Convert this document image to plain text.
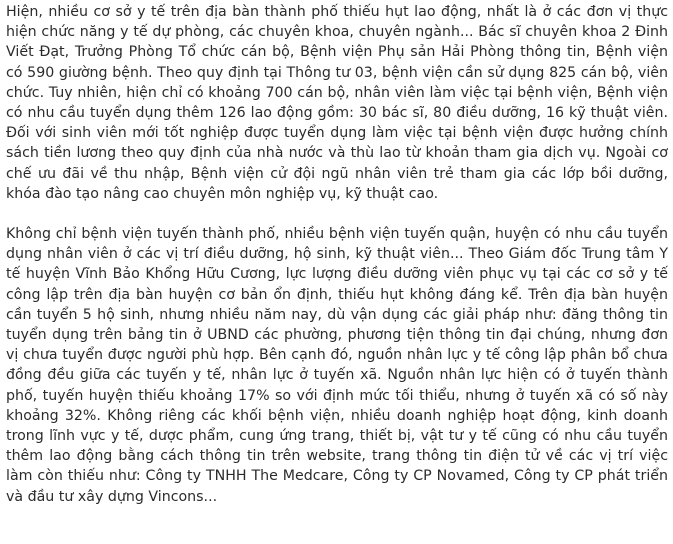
Hiện, nhiều cơ sở y tế trên địa bàn thành phố thiếu hụt lao động, nhất là ở các đơn vị thực hiện chức năng y tế dự phòng, các chuyên khoa, chuyên ngành... Bác sĩ chuyên khoa 2 Đinh Viết Đạt, Trưởng Phòng Tổ chức cán bộ, Bệnh viện Phụ sản Hải Phòng thông tin, Bệnh viện có 590 giường bệnh. Theo quy định tại Thông tư 03, bệnh viện cần sử dụng 825 cán bộ, viên chức. Tuy nhiên, hiện chỉ có khoảng 700 cán bộ, nhân viên làm việc tại bệnh viện, Bệnh viện có nhu cầu tuyển dụng thêm 126 lao động gồm: 30 bác sĩ, 80 điều dưỡng, 16 kỹ thuật viên. Đối với sinh viên mới tốt nghiệp được tuyển dụng làm việc tại bệnh viện được hưởng chính sách tiền lương theo quy định của nhà nước và thù lao từ khoản tham gia dịch vụ. Ngoài cơ chế ưu đãi về thu nhập, Bệnh viện cử đội ngũ nhân viên trẻ tham gia các lớp bồi dưỡng, khóa đào tạo nâng cao chuyên môn nghiệp vụ, kỹ thuật cao.

Không chỉ bệnh viện tuyến thành phố, nhiều bệnh viện tuyến quận, huyện có nhu cầu tuyển dụng nhân viên ở các vị trí điều dưỡng, hộ sinh, kỹ thuật viên... Theo Giám đốc Trung tâm Y tế huyện Vĩnh Bảo Khổng Hữu Cương, lực lượng điều dưỡng viên phục vụ tại các cơ sở y tế công lập trên địa bàn huyện cơ bản ổn định, thiếu hụt không đáng kể. Trên địa bàn huyện cần tuyển 5 hộ sinh, nhưng nhiều năm nay, dù vận dụng các giải pháp như: đăng thông tin tuyển dụng trên bảng tin ở UBND các phường, phương tiện thông tin đại chúng, nhưng đơn vị chưa tuyển được người phù hợp. Bên cạnh đó, nguồn nhân lực y tế công lập phân bổ chưa đồng đều giữa các tuyến y tế, nhân lực ở tuyến xã. Nguồn nhân lực hiện có ở tuyến thành phố, tuyến huyện thiếu khoảng 17% so với định mức tối thiểu, nhưng ở tuyến xã có số này khoảng 32%. Không riêng các khối bệnh viện, nhiều doanh nghiệp hoạt động, kinh doanh trong lĩnh vực y tế, dược phẩm, cung ứng trang, thiết bị, vật tư y tế cũng có nhu cầu tuyển thêm lao động bằng cách thông tin trên website, trang thông tin điện tử về các vị trí việc làm còn thiếu như: Công ty TNHH The Medcare, Công ty CP Novamed, Công ty CP phát triển và đầu tư xây dựng Vincons...
